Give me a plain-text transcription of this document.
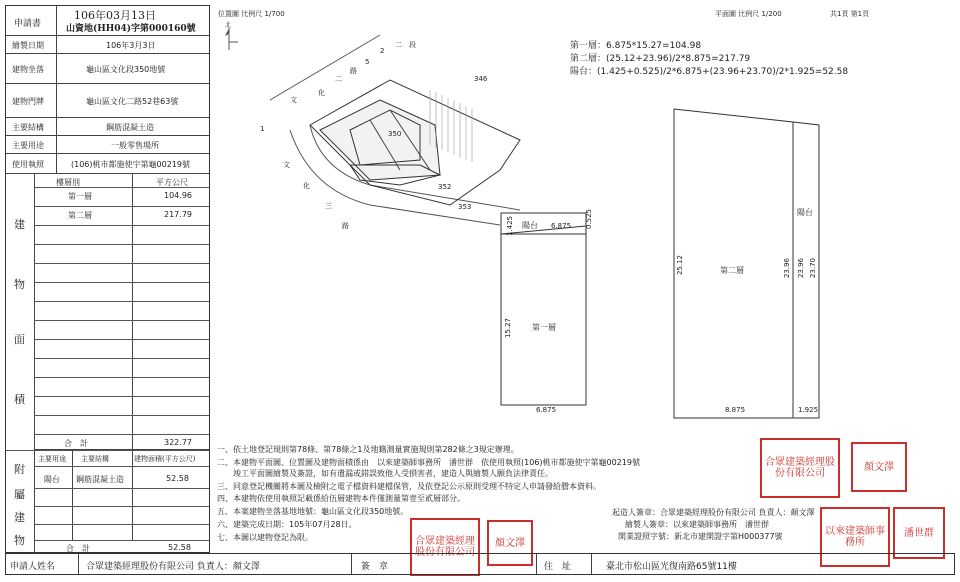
申請書
106年03月13日
山資地(HH04)字第000160號
繪製日期	106年3月3日
建物坐落	龜山區文化段350地號
建物門牌	龜山區文化二路52巷63號
主要結構	鋼筋混凝土造
主要用途	一般零售場所
使用執照	(106)桃市都施使字第龜00219號
樓層別	平方公尺
建
物
面
積
第一層	104.96
第二層	217.79
合　計	322.77
附
屬
建
物
主要用途 主要結構	建物面積(平方公尺)
陽台 鋼筋混凝土造	52.58
合　計	52.58
位置圖 比例尺 1/700
北
文
化
二
路
文
化
三
路
5
2
346
1
350
352
353
二　段
平面圖 比例尺 1/200	共1頁 第1頁
第一層：6.875*15.27=104.98
第二層：(25.12+23.96)/2*8.875=217.79
陽台：(1.425+0.525)/2*6.875+(23.96+23.70)/2*1.925=52.58
1.425	0.525
陽台 6.875
第一層
15.27
6.875
陽台
第二層
25.12	23.96 23.96 23.70
8.875	1.925
一、依土地登記規則第78條、第78條之1及地籍測量實施規則第282條之3規定辦理。
二、本建物平面圖、位置圖及建物面積係由　以來建築師事務所　潘世群　依使用執照(106)桃市都施使字第龜00219號
　　竣工平面圖繪製及簽證，如有遺漏或錯誤致他人受損害者，建造人與繪製人願負法律責任。
三、同意登記機關將本圖及檢附之電子檔資料建檔保管，及依登記公示原則受理不特定人申請發給謄本資料。
四、本建物依使用執照記載係給伍層建物本件僅測量第壹至貳層部分。
五、本案建物坐落基地地號：龜山區文化段350地號。
六、建築完成日期：105年07月28日。
七、本圖以建物登記為限。
起造人簽章：合眾建築經理股份有限公司 負責人：顏文澤
繪製人簽章：以來建築師事務所　潘世群
開業證照字號：新北市建開證字第H000377號
合眾建築經理股份有限公司
顏文澤
合眾建築經理股份有限公司
顏文澤
以來建築師事務所
潘世群
申請人姓名	合眾建築經理股份有限公司 負責人：顏文澤	簽　章	住　址	臺北市松山區光復南路65號11樓
